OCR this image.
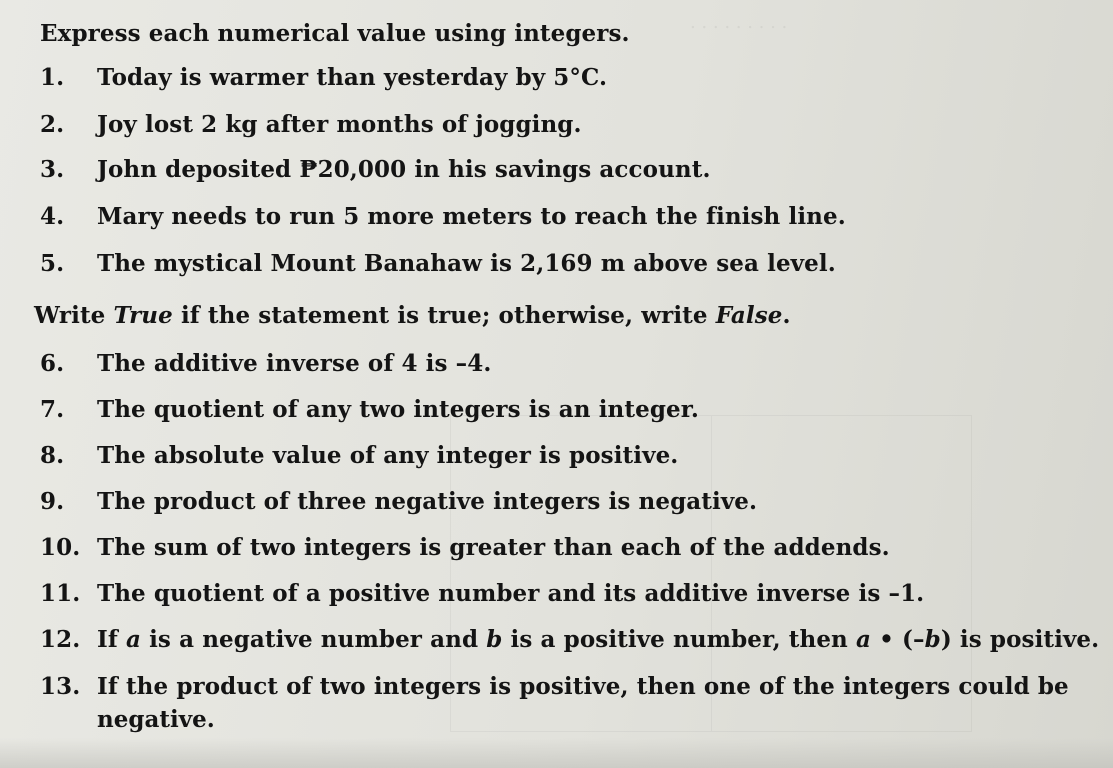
. . . . . . . . .
Express each numerical value using integers.
1. Today is warmer than yesterday by 5°C.
2. Joy lost 2 kg after months of jogging.
3. John deposited ₱20,000 in his savings account.
4. Mary needs to run 5 more meters to reach the finish line.
5. The mystical Mount Banahaw is 2,169 m above sea level.
Write True if the statement is true; otherwise, write False.
6. The additive inverse of 4 is –4.
7. The quotient of any two integers is an integer.
8. The absolute value of any integer is positive.
9. The product of three negative integers is negative.
10. The sum of two integers is greater than each of the addends.
11. The quotient of a positive number and its additive inverse is –1.
12. If a is a negative number and b is a positive number, then a • (–b) is positive.
13. If the product of two integers is positive, then one of the integers could be
negative.
